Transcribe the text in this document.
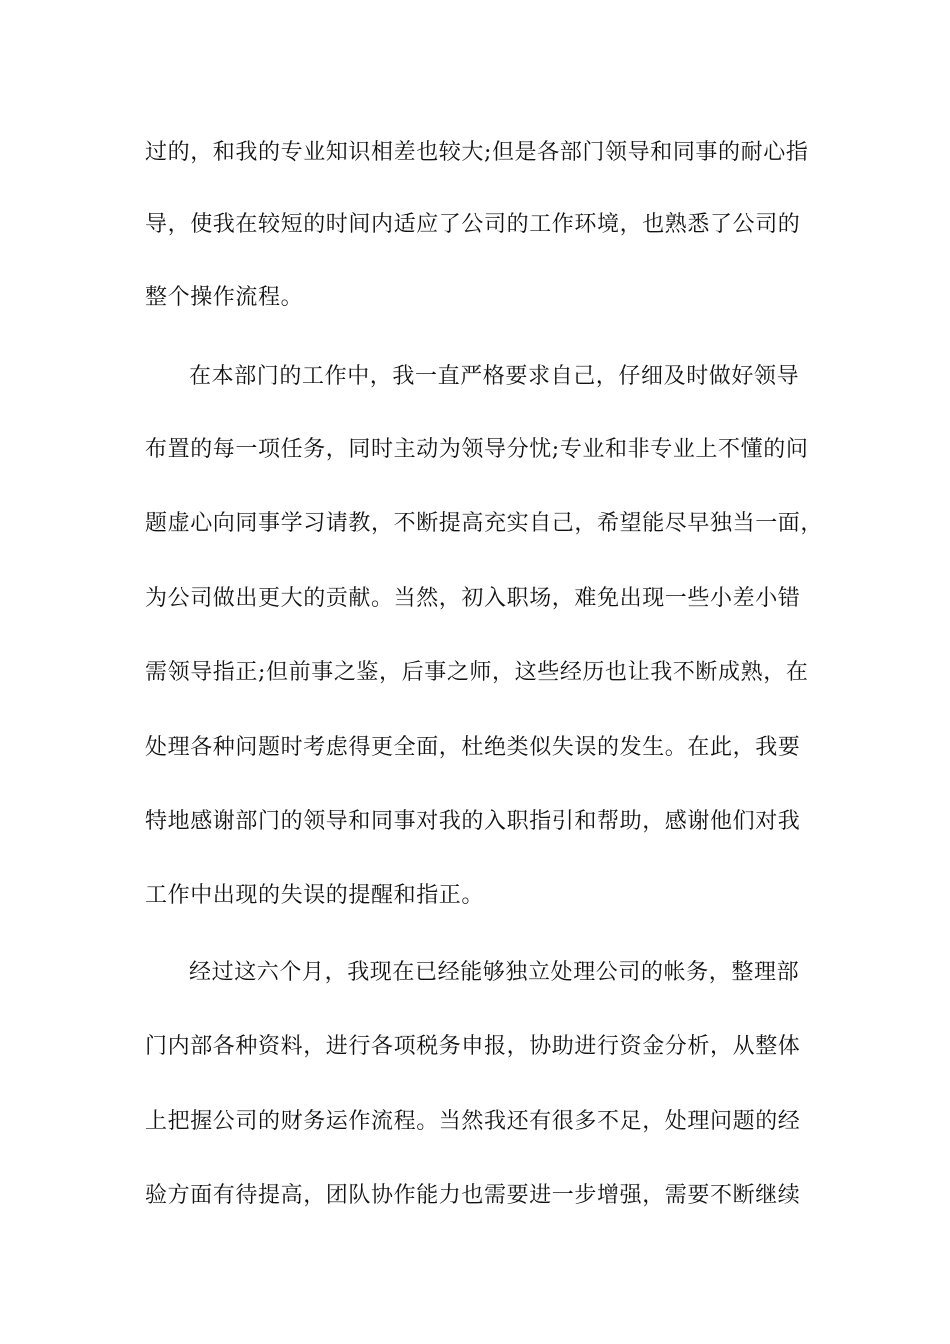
过的，和我的专业知识相差也较大;但是各部门领导和同事的耐心指
导，使我在较短的时间内适应了公司的工作环境，也熟悉了公司的
整个操作流程。
在本部门的工作中，我一直严格要求自己，仔细及时做好领导
布置的每一项任务，同时主动为领导分忧;专业和非专业上不懂的问
题虚心向同事学习请教，不断提高充实自己，希望能尽早独当一面，
为公司做出更大的贡献。当然，初入职场，难免出现一些小差小错
需领导指正;但前事之鉴，后事之师，这些经历也让我不断成熟，在
处理各种问题时考虑得更全面，杜绝类似失误的发生。在此，我要
特地感谢部门的领导和同事对我的入职指引和帮助，感谢他们对我
工作中出现的失误的提醒和指正。
经过这六个月，我现在已经能够独立处理公司的帐务，整理部
门内部各种资料，进行各项税务申报，协助进行资金分析，从整体
上把握公司的财务运作流程。当然我还有很多不足，处理问题的经
验方面有待提高，团队协作能力也需要进一步增强，需要不断继续
